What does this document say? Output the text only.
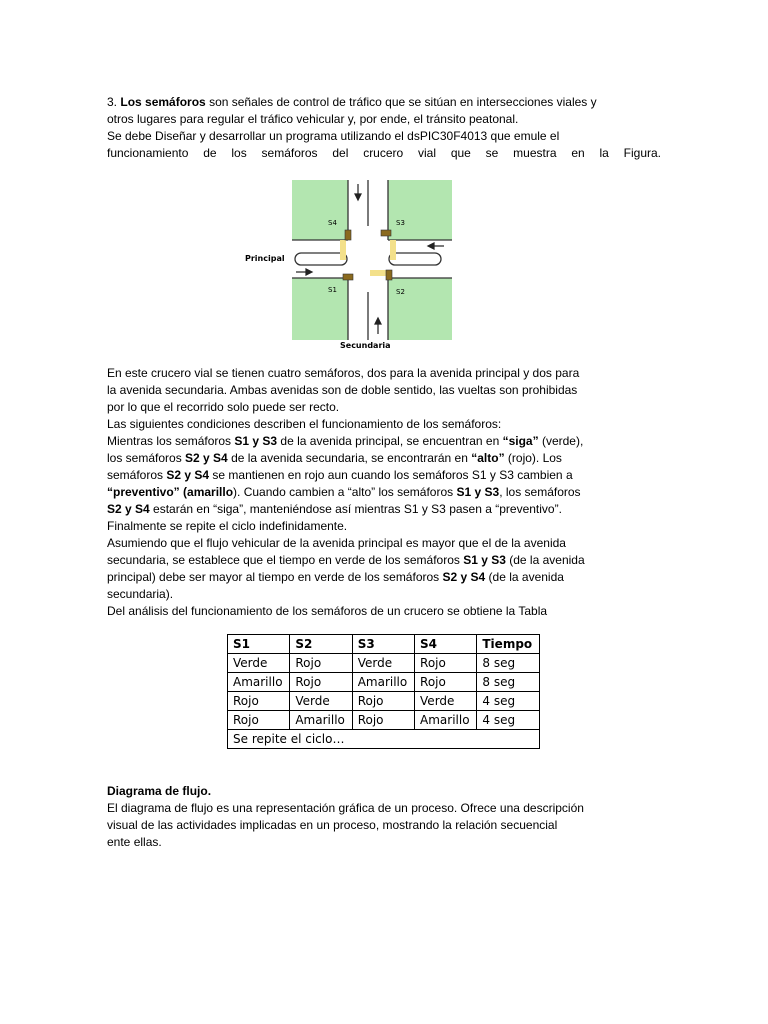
3. Los semáforos son señales de control de tráfico que se sitúan en intersecciones viales y

otros lugares para regular el tráfico vehicular y, por ende, el tránsito peatonal.

Se debe Diseñar y desarrollar un programa utilizando el dsPIC30F4013 que emule el

funcionamiento de los semáforos del crucero vial que se muestra en la Figura.

S4	S3
S1	S2
Principal
Secundaria

En este crucero vial se tienen cuatro semáforos, dos para la avenida principal y dos para

la avenida secundaria. Ambas avenidas son de doble sentido, las vueltas son prohibidas

por lo que el recorrido solo puede ser recto.

Las siguientes condiciones describen el funcionamiento de los semáforos:

Mientras los semáforos S1 y S3 de la avenida principal, se encuentran en “siga” (verde),

los semáforos S2 y S4 de la avenida secundaria, se encontrarán en “alto” (rojo). Los

semáforos S2 y S4 se mantienen en rojo aun cuando los semáforos S1 y S3 cambien a

“preventivo” (amarillo). Cuando cambien a “alto” los semáforos S1 y S3, los semáforos

S2 y S4 estarán en “siga”, manteniéndose así mientras S1 y S3 pasen a “preventivo”.

Finalmente se repite el ciclo indefinidamente.

Asumiendo que el flujo vehicular de la avenida principal es mayor que el de la avenida

secundaria, se establece que el tiempo en verde de los semáforos S1 y S3 (de la avenida

principal) debe ser mayor al tiempo en verde de los semáforos S2 y S4 (de la avenida

secundaria).

Del análisis del funcionamiento de los semáforos de un crucero se obtiene la Tabla

S1	S2	S3	S4	Tiempo
Verde	Rojo	Verde	Rojo	8 seg
Amarillo	Rojo	Amarillo	Rojo	8 seg
Rojo	Verde	Rojo	Verde	4 seg
Rojo	Amarillo	Rojo	Amarillo	4 seg
Se repite el ciclo…				

Diagrama de flujo.

El diagrama de flujo es una representación gráfica de un proceso. Ofrece una descripción

visual de las actividades implicadas en un proceso, mostrando la relación secuencial

ente ellas.
